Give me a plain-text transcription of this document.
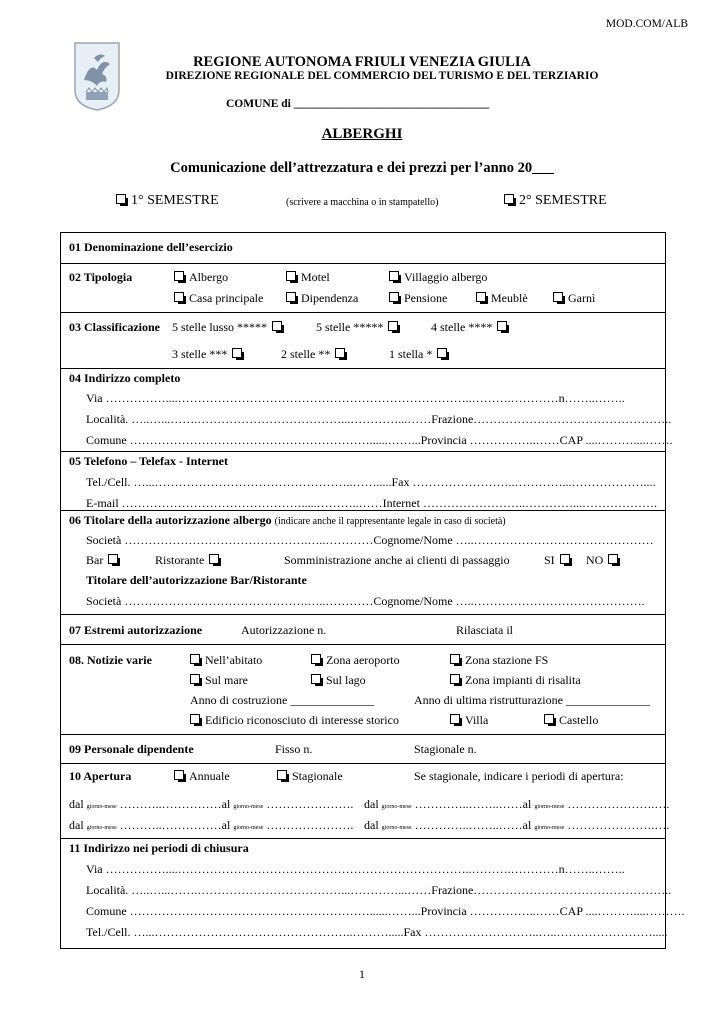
MOD.COM/ALB
REGIONE AUTONOMA FRIULI VENEZIA GIULIA
DIREZIONE REGIONALE DEL COMMERCIO DEL TURISMO E DEL TERZIARIO
COMUNE di __________________________________
ALBERGHI
Comunicazione dell’attrezzatura e dei prezzi per l’anno 20___
1° SEMESTRE	(scrivere a macchina o in stampatello)	2° SEMESTRE
01 Denominazione dell’esercizio
02 Tipologia	Albergo	Motel	Villaggio albergo
Casa principale	Dipendenza	Pensione	Meublè	Garnì
03 Classificazione 5 stelle lusso *****	5 stelle *****	4 stelle ****
3 stelle ***	2 stelle **	1 stella *
04 Indirizzo completo
Via ……………....………………………………………………………………..……….…………n……..……..
Località. …..…...…….………………………………...…………...……Frazione…………………………………………..
Comune ……………………………………………………......……...Provincia ……………..……CAP ....………....…….
05 Telefono – Telefax - Internet
Tel./Cell. …...…………………………………………..…….....Fax ……………………..…………...………………....
E-mail ……………………………………….....………..……Internet ……………………..…………...……………….
06 Titolare della autorizzazione albergo (indicare anche il rappresentante legale in caso di società)
Società ……………………………………….…..…………Cognome/Nome …..………………………………………
Bar	Ristorante	Somministrazione anche ai clienti di passaggio	SI	NO
Titolare dell’autorizzazione Bar/Ristorante
Società ……………………………………….…..…………Cognome/Nome …..…………………………………….
07 Estremi autorizzazione	Autorizzazione n.	Rilasciata il
08. Notizie varie	Nell’abitato	Zona aeroporto	Zona stazione FS
Sul mare	Sul lago	Zona impianti di risalita
Anno di costruzione ______________	Anno di ultima ristrutturazione ______________
Edificio riconosciuto di interesse storico	Villa	Castello
09 Personale dipendente	Fisso n.	Stagionale n.
10 Apertura	Annuale	Stagionale	Se stagionale, indicare i periodi di apertura:
dal giorno-mese ………..……………al giorno-mese …………………. dal giorno-mese …………..……..……al giorno-mese ………………….….
dal giorno-mese ………..……………al giorno-mese …………………. dal giorno-mese …………..……..……al giorno-mese ………………….….
11 Indirizzo nei periodi di chiusura
Via ……………....………………………………………………………………..……….…………n……..……..
Località. …..…...…….………………………………...…………...……Frazione…………………………………………..
Comune ……………………………………………………......……...Provincia ……………..……CAP ....………....……….
Tel./Cell. …...…………………………………………..……….....Fax ………………………..…..…………………….....
1
